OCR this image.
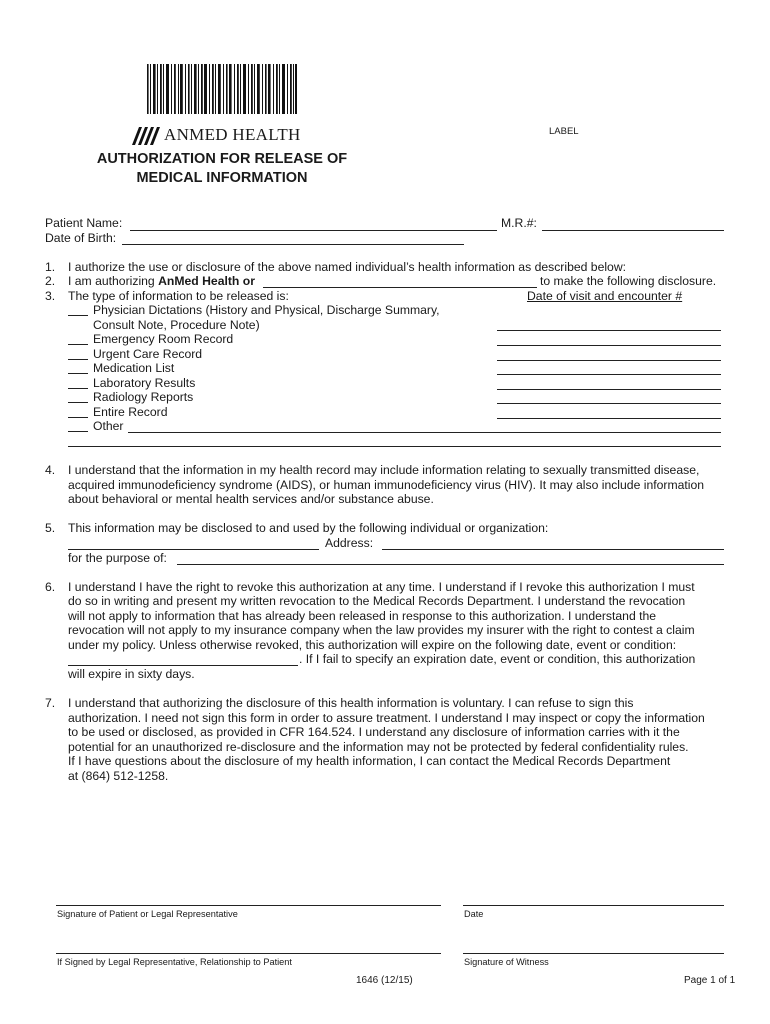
ANMED HEALTH	LABEL
AUTHORIZATION FOR RELEASE OF
MEDICAL INFORMATION
Patient Name:	M.R.#:
Date of Birth:
1. I authorize the use or disclosure of the above named individual’s health information as described below:
2. I am authorizing AnMed Health or	to make the following disclosure.
3. The type of information to be released is:	Date of visit and encounter #
Physician Dictations (History and Physical, Discharge Summary,
Consult Note, Procedure Note)
Emergency Room Record
Urgent Care Record
Medication List
Laboratory Results
Radiology Reports
Entire Record
Other
4. I understand that the information in my health record may include information relating to sexually transmitted disease,
acquired immunodeficiency syndrome (AIDS), or human immunodeficiency virus (HIV). It may also include information
about behavioral or mental health services and/or substance abuse.
5. This information may be disclosed to and used by the following individual or organization:
Address:
for the purpose of:
6. I understand I have the right to revoke this authorization at any time. I understand if I revoke this authorization I must
do so in writing and present my written revocation to the Medical Records Department. I understand the revocation
will not apply to information that has already been released in response to this authorization. I understand the
revocation will not apply to my insurance company when the law provides my insurer with the right to contest a claim
under my policy. Unless otherwise revoked, this authorization will expire on the following date, event or condition:
. If I fail to specify an expiration date, event or condition, this authorization
will expire in sixty days.
7. I understand that authorizing the disclosure of this health information is voluntary. I can refuse to sign this
authorization. I need not sign this form in order to assure treatment. I understand I may inspect or copy the information
to be used or disclosed, as provided in CFR 164.524. I understand any disclosure of information carries with it the
potential for an unauthorized re-disclosure and the information may not be protected by federal confidentiality rules.
If I have questions about the disclosure of my health information, I can contact the Medical Records Department
at (864) 512-1258.
Signature of Patient or Legal Representative	Date
If Signed by Legal Representative, Relationship to Patient	Signature of Witness
1646 (12/15)	Page 1 of 1
